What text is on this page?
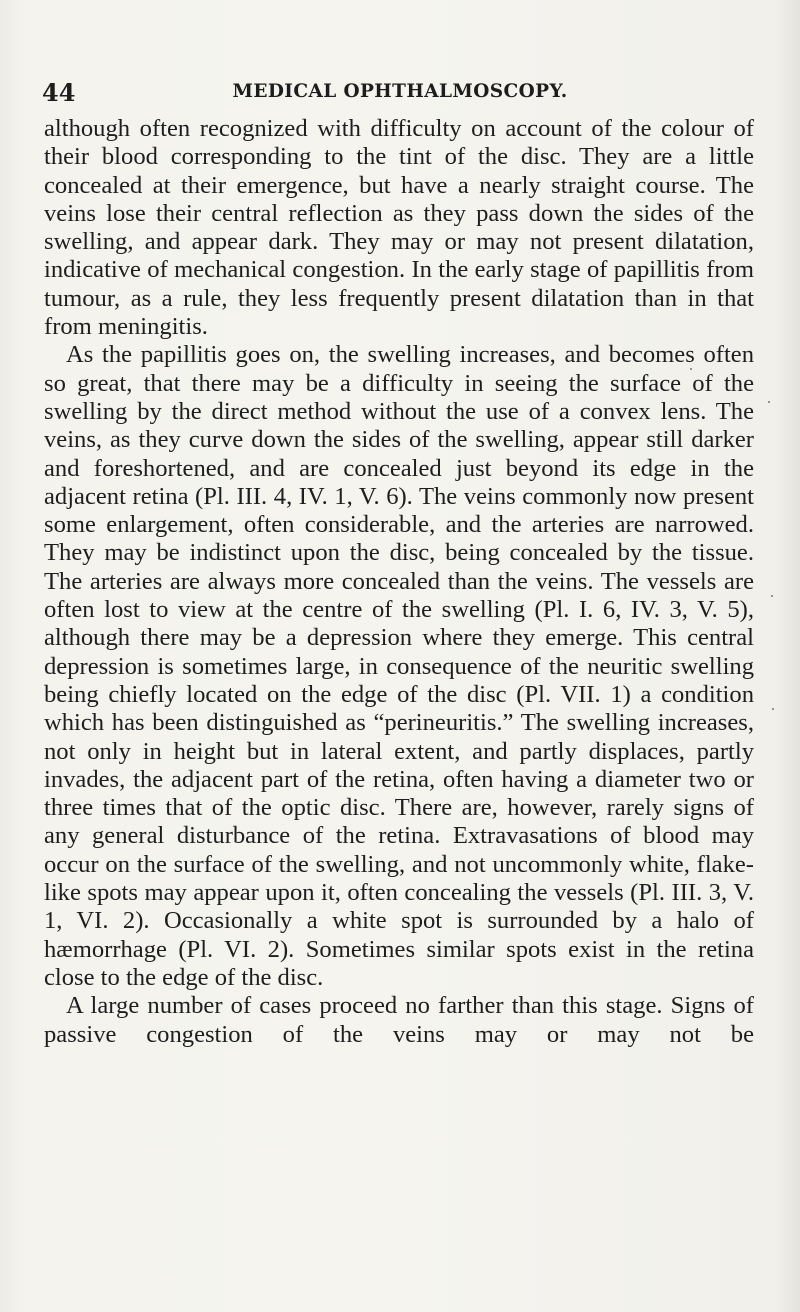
44	MEDICAL OPHTHALMOSCOPY.

although often recognized with difficulty on account of the colour of their blood corresponding to the tint of the disc. They are a little concealed at their emergence, but have a nearly straight course. The veins lose their central reflection as they pass down the sides of the swelling, and appear dark. They may or may not present dilatation, indicative of mechanical congestion. In the early stage of papillitis from tumour, as a rule, they less frequently present dilatation than in that from meningitis.

As the papillitis goes on, the swelling increases, and becomes often so great, that there may be a difficulty in seeing the surface of the swelling by the direct method without the use of a convex lens. The veins, as they curve down the sides of the swelling, appear still darker and foreshortened, and are concealed just beyond its edge in the adjacent retina (Pl. III. 4, IV. 1, V. 6). The veins commonly now present some enlargement, often considerable, and the arteries are narrowed. They may be indistinct upon the disc, being concealed by the tissue. The arteries are always more concealed than the veins. The vessels are often lost to view at the centre of the swelling (Pl. I. 6, IV. 3, V. 5), although there may be a depression where they emerge. This central depression is sometimes large, in consequence of the neuritic swelling being chiefly located on the edge of the disc (Pl. VII. 1) a condition which has been distinguished as “perineuritis.” The swelling increases, not only in height but in lateral extent, and partly displaces, partly invades, the adjacent part of the retina, often having a diameter two or three times that of the optic disc. There are, however, rarely signs of any general disturbance of the retina. Extravasations of blood may occur on the surface of the swelling, and not uncommonly white, flake-like spots may appear upon it, often concealing the vessels (Pl. III. 3, V. 1, VI. 2). Occasionally a white spot is surrounded by a halo of hæmorrhage (Pl. VI. 2). Sometimes similar spots exist in the retina close to the edge of the disc.

A large number of cases proceed no farther than this stage. Signs of passive congestion of the veins may or may not be
